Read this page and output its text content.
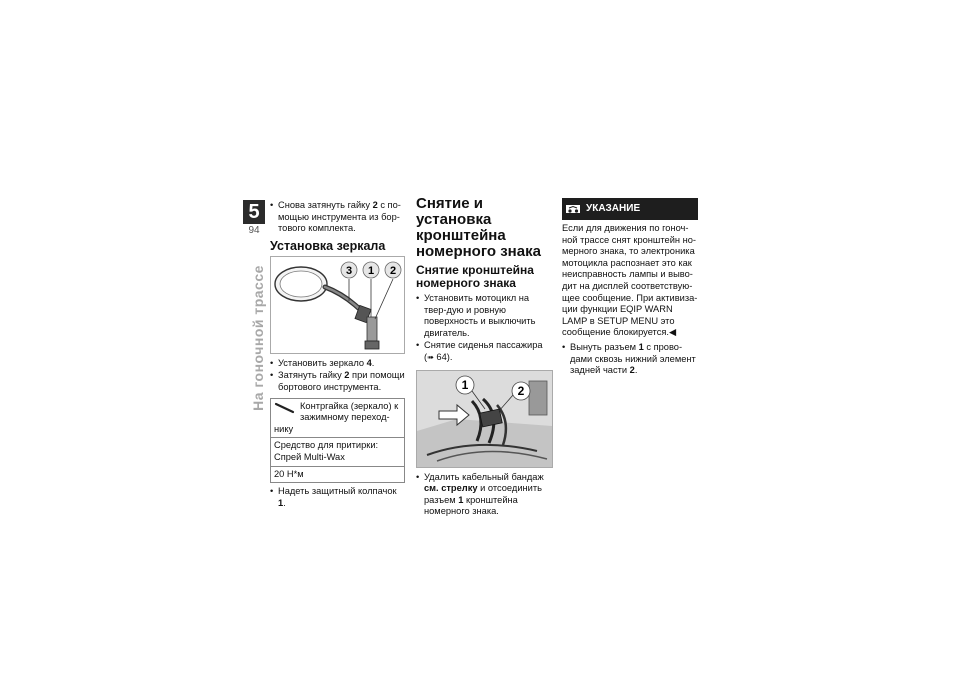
5
94
На гоночной трассе
• Снова затянуть гайку 2 с по-мощью инструмента из бор-тового комплекта.
Установка зеркала
3 1 2
• Установить зеркало 4.
• Затянуть гайку 2 при помощи бортового инструмента.
Контргайка (зеркало) к зажимному переход-нику
Средство для притирки: Спрей Multi-Wax
20 Н*м
• Надеть защитный колпачок 1.
Снятие и установка кронштейна номерного знака
Снятие кронштейна номерного знака
• Установить мотоцикл на твер-дую и ровную поверхность и выключить двигатель.
• Снятие сиденья пассажира (➠ 64).
1	2
• Удалить кабельный бандаж см. стрелку и отсоединить разъем 1 кронштейна номерного знака.
УКАЗАНИЕ
Если для движения по гоноч-ной трассе снят кронштейн но-мерного знака, то электроника мотоцикла распознает это как неисправность лампы и выво-дит на дисплей соответствую-щее сообщение. При активиза-ции функции EQIP WARN LAMP в SETUP MENU это сообщение блокируется.◀
• Вынуть разъем 1 с прово-дами сквозь нижний элемент задней части 2.
